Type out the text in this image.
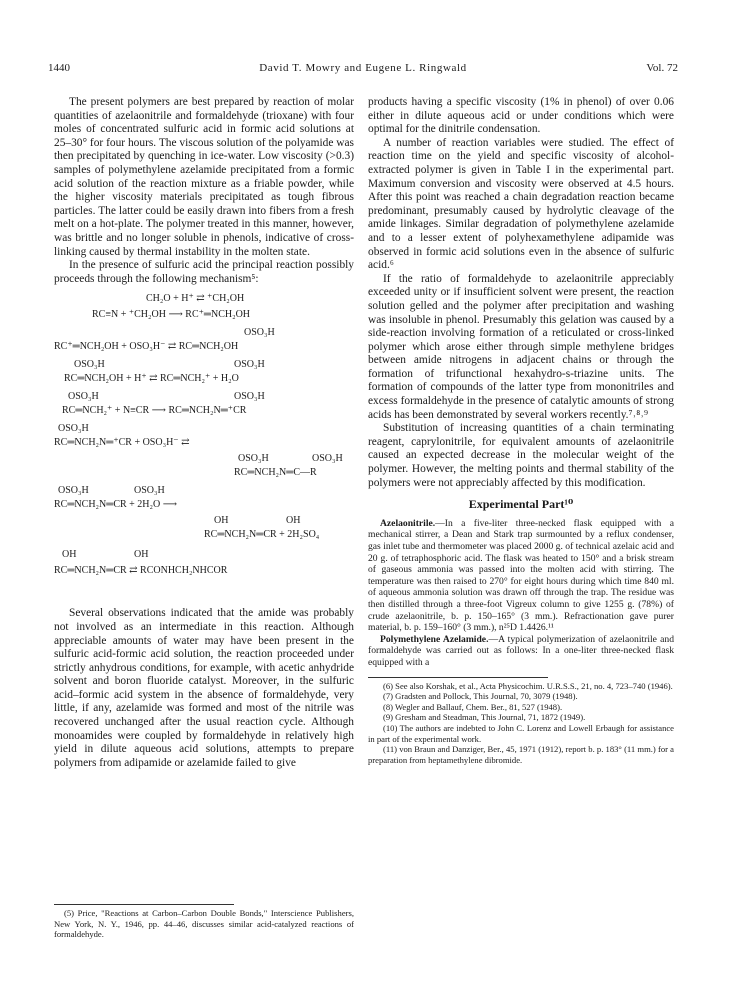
1440	David T. Mowry and Eugene L. Ringwald	Vol. 72

The present polymers are best prepared by reaction of molar quantities of azelaonitrile and formaldehyde (trioxane) with four moles of concentrated sulfuric acid in formic acid solutions at 25–30° for four hours. The viscous solution of the polyamide was then precipitated by quenching in ice-water. Low viscosity (>0.3) samples of polymethylene azelamide precipitated from a formic acid solution of the reaction mixture as a friable powder, while the higher viscosity materials precipitated as tough fibrous particles. The latter could be easily drawn into fibers from a fresh melt on a hot-plate. The polymer treated in this manner, however, was brittle and no longer soluble in phenols, indicative of cross-linking caused by thermal instability in the molten state.

In the presence of sulfuric acid the principal reaction possibly proceeds through the following mechanism⁵:

CH₂O + H⁺ ⇄ ⁺CH₂OH
RC≡N + ⁺CH₂OH ⟶ RC⁺═NCH₂OH
OSO₃H
RC⁺═NCH₂OH + OSO₃H⁻ ⇄ RC═NCH₂OH
OSO₃H	OSO₃H
RC═NCH₂OH + H⁺ ⇄ RC═NCH₂⁺ + H₂O
OSO₃H	OSO₃H
RC═NCH₂⁺ + N≡CR ⟶ RC═NCH₂N═⁺CR
OSO₃H
RC═NCH₂N═⁺CR + OSO₃H⁻ ⇄
OSO₃H	OSO₃H
RC═NCH₂N═C—R
OSO₃H	OSO₃H
RC═NCH₂N═CR + 2H₂O ⟶
OH	OH
RC═NCH₂N═CR + 2H₂SO₄
OH	OH
RC═NCH₂N═CR ⇄ RCONHCH₂NHCOR

Several observations indicated that the amide was probably not involved as an intermediate in this reaction. Although appreciable amounts of water may have been present in the sulfuric acid-formic acid solution, the reaction proceeded under strictly anhydrous conditions, for example, with acetic anhydride solvent and boron fluoride catalyst. Moreover, in the sulfuric acid–formic acid system in the absence of formaldehyde, very little, if any, azelamide was formed and most of the nitrile was recovered unchanged after the usual reaction cycle. Although monoamides were coupled by formaldehyde in relatively high yield in dilute aqueous acid solutions, attempts to prepare polymers from adipamide or azelamide failed to give

(5) Price, "Reactions at Carbon–Carbon Double Bonds," Interscience Publishers, New York, N. Y., 1946, pp. 44–46, discusses similar acid-catalyzed reactions of formaldehyde.

products having a specific viscosity (1% in phenol) of over 0.06 either in dilute aqueous acid or under conditions which were optimal for the dinitrile condensation.

A number of reaction variables were studied. The effect of reaction time on the yield and specific viscosity of alcohol-extracted polymer is given in Table I in the experimental part. Maximum conversion and viscosity were observed at 4.5 hours. After this point was reached a chain degradation reaction became predominant, presumably caused by hydrolytic cleavage of the amide linkages. Similar degradation of polymethylene azelamide and to a lesser extent of polyhexamethylene adipamide was observed in formic acid solutions even in the absence of sulfuric acid.⁶

If the ratio of formaldehyde to azelaonitrile appreciably exceeded unity or if insufficient solvent were present, the reaction solution gelled and the polymer after precipitation and washing was insoluble in phenol. Presumably this gelation was caused by a side-reaction involving formation of a reticulated or cross-linked polymer which arose either through simple methylene bridges between amide nitrogens in adjacent chains or through the formation of trifunctional hexahydro-s-triazine units. The formation of compounds of the latter type from mononitriles and excess formaldehyde in the presence of catalytic amounts of strong acids has been demonstrated by several workers recently.⁷˒⁸˒⁹

Substitution of increasing quantities of a chain terminating reagent, caprylonitrile, for equivalent amounts of azelaonitrile caused an expected decrease in the molecular weight of the polymer. However, the melting points and thermal stability of the polymers were not appreciably affected by this modification.

Experimental Part¹⁰

Azelaonitrile.—In a five-liter three-necked flask equipped with a mechanical stirrer, a Dean and Stark trap surmounted by a reflux condenser, gas inlet tube and thermometer was placed 2000 g. of technical azelaic acid and 20 g. of tetraphosphoric acid. The flask was heated to 150° and a brisk stream of gaseous ammonia was passed into the molten acid with stirring. The temperature was then raised to 270° for eight hours during which time 840 ml. of aqueous ammonia solution was drawn off through the trap. The residue was then distilled through a three-foot Vigreux column to give 1255 g. (78%) of crude azelaonitrile, b. p. 150–165° (3 mm.). Refractionation gave purer material, b. p. 159–160° (3 mm.), n²⁵D 1.4426.¹¹

Polymethylene Azelamide.—A typical polymerization of azelaonitrile and formaldehyde was carried out as follows: In a one-liter three-necked flask equipped with a

(6) See also Korshak, et al., Acta Physicochim. U.R.S.S., 21, no. 4, 723–740 (1946).

(7) Gradsten and Pollock, This Journal, 70, 3079 (1948).

(8) Wegler and Ballauf, Chem. Ber., 81, 527 (1948).

(9) Gresham and Steadman, This Journal, 71, 1872 (1949).

(10) The authors are indebted to John C. Lorenz and Lowell Erbaugh for assistance in part of the experimental work.

(11) von Braun and Danziger, Ber., 45, 1971 (1912), report b. p. 183° (11 mm.) for a preparation from heptamethylene dibromide.
